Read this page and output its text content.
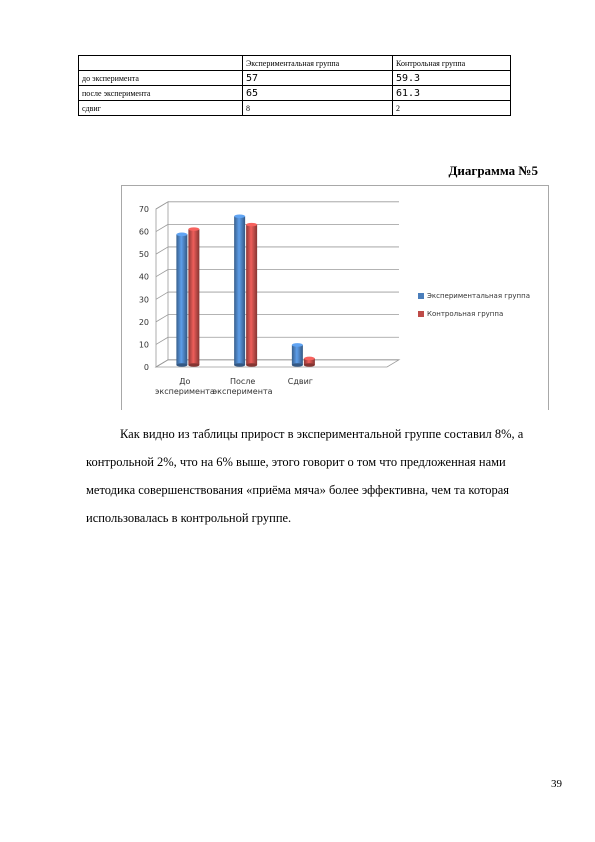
	Экспериментальная группа	Контрольная группа
до эксперимента	57	59.3
после эксперимента	65	61.3
сдвиг	8	2
Диаграмма №5
0
10
20
30
40
50
60
70
До
эксперимента
После
эксперимента
Сдвиг
Экспериментальная группа
Контрольная группа

Как видно из таблицы прирост в экспериментальной группе составил 8%, а
контрольной 2%, что на 6% выше, этого говорит о том что предложенная нами
методика совершенствования «приёма мяча» более эффективна, чем та которая
использовалась в контрольной группе.

39
